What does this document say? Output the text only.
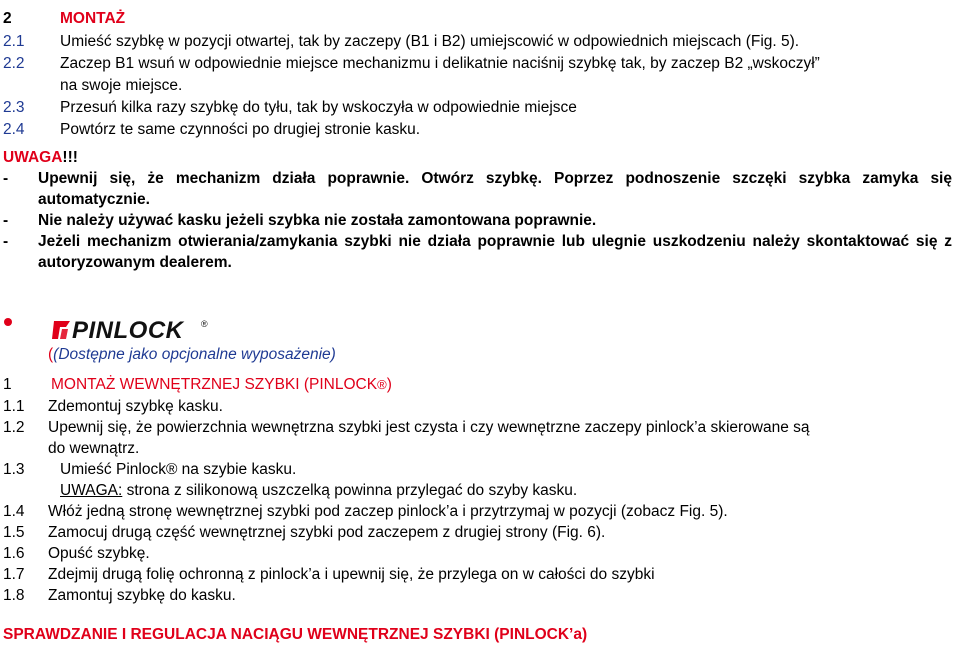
2	MONTAŻ
2.1 Umieść szybkę w pozycji otwartej, tak by zaczepy (B1 i B2) umiejscowić w odpowiednich miejscach (Fig. 5).
2.2 Zaczep B1 wsuń w odpowiednie miejsce mechanizmu i delikatnie naciśnij szybkę tak, by zaczep B2 „wskoczył”
na swoje miejsce.
2.3 Przesuń kilka razy szybkę do tyłu, tak by wskoczyła w odpowiednie miejsce
2.4 Powtórz te same czynności po drugiej stronie kasku.
UWAGA!!!
- Upewnij się, że mechanizm działa poprawnie. Otwórz szybkę. Poprzez podnoszenie szczęki szybka zamyka się automatycznie.
- Nie należy używać kasku jeżeli szybka nie została zamontowana poprawnie.
- Jeżeli mechanizm otwierania/zamykania szybki nie działa poprawnie lub ulegnie uszkodzeniu należy skontaktować się z autoryzowanym dealerem.
PINLOCK ®
((Dostępne jako opcjonalne wyposażenie)
1	MONTAŻ WEWNĘTRZNEJ SZYBKI (PINLOCK®)
1.1 Zdemontuj szybkę kasku.
1.2 Upewnij się, że powierzchnia wewnętrzna szybki jest czysta i czy wewnętrzne zaczepy pinlock’a skierowane są
do wewnątrz.
1.3 Umieść Pinlock® na szybie kasku.
UWAGA: strona z silikonową uszczelką powinna przylegać do szyby kasku.
1.4 Włóż jedną stronę wewnętrznej szybki pod zaczep pinlock’a i przytrzymaj w pozycji (zobacz Fig. 5).
1.5 Zamocuj drugą część wewnętrznej szybki pod zaczepem z drugiej strony (Fig. 6).
1.6 Opuść szybkę.
1.7 Zdejmij drugą folię ochronną z pinlock’a i upewnij się, że przylega on w całości do szybki
1.8 Zamontuj szybkę do kasku.
SPRAWDZANIE I REGULACJA NACIĄGU WEWNĘTRZNEJ SZYBKI (PINLOCK’a)
